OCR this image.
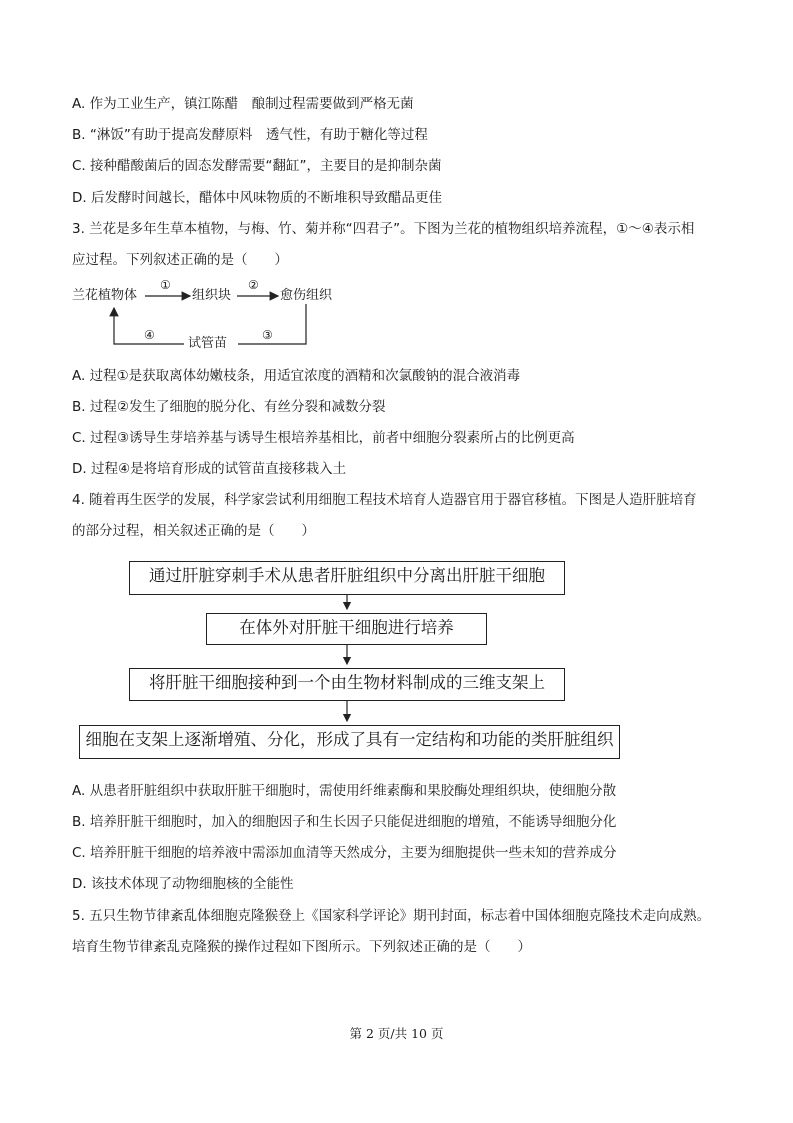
A. 作为工业生产，镇江陈醋　酿制过程需要做到严格无菌
B. “淋饭”有助于提高发酵原料　透气性，有助于糖化等过程
C. 接种醋酸菌后的固态发酵需要“翻缸”，主要目的是抑制杂菌
D. 后发酵时间越长，醋体中风味物质的不断堆积导致醋品更佳
3. 兰花是多年生草本植物，与梅、竹、菊并称“四君子”。下图为兰花的植物组织培养流程，①～④表示相
应过程。下列叙述正确的是（　　）
兰花植物体	组织块	愈伤组织
试管苗
①	②
③
④
A. 过程①是获取离体幼嫩枝条，用适宜浓度的酒精和次氯酸钠的混合液消毒
B. 过程②发生了细胞的脱分化、有丝分裂和减数分裂
C. 过程③诱导生芽培养基与诱导生根培养基相比，前者中细胞分裂素所占的比例更高
D. 过程④是将培育形成的试管苗直接移栽入土
4. 随着再生医学的发展，科学家尝试利用细胞工程技术培育人造器官用于器官移植。下图是人造肝脏培育
的部分过程，相关叙述正确的是（　　）
通过肝脏穿刺手术从患者肝脏组织中分离出肝脏干细胞
在体外对肝脏干细胞进行培养
将肝脏干细胞接种到一个由生物材料制成的三维支架上
细胞在支架上逐渐增殖、分化，形成了具有一定结构和功能的类肝脏组织
A. 从患者肝脏组织中获取肝脏干细胞时，需使用纤维素酶和果胶酶处理组织块，使细胞分散
B. 培养肝脏干细胞时，加入的细胞因子和生长因子只能促进细胞的增殖，不能诱导细胞分化
C. 培养肝脏干细胞的培养液中需添加血清等天然成分，主要为细胞提供一些未知的营养成分
D. 该技术体现了动物细胞核的全能性
5. 五只生物节律紊乱体细胞克隆猴登上《国家科学评论》期刊封面，标志着中国体细胞克隆技术走向成熟。
培育生物节律紊乱克隆猴的操作过程如下图所示。下列叙述正确的是（　　）
第 2 页/共 10 页
